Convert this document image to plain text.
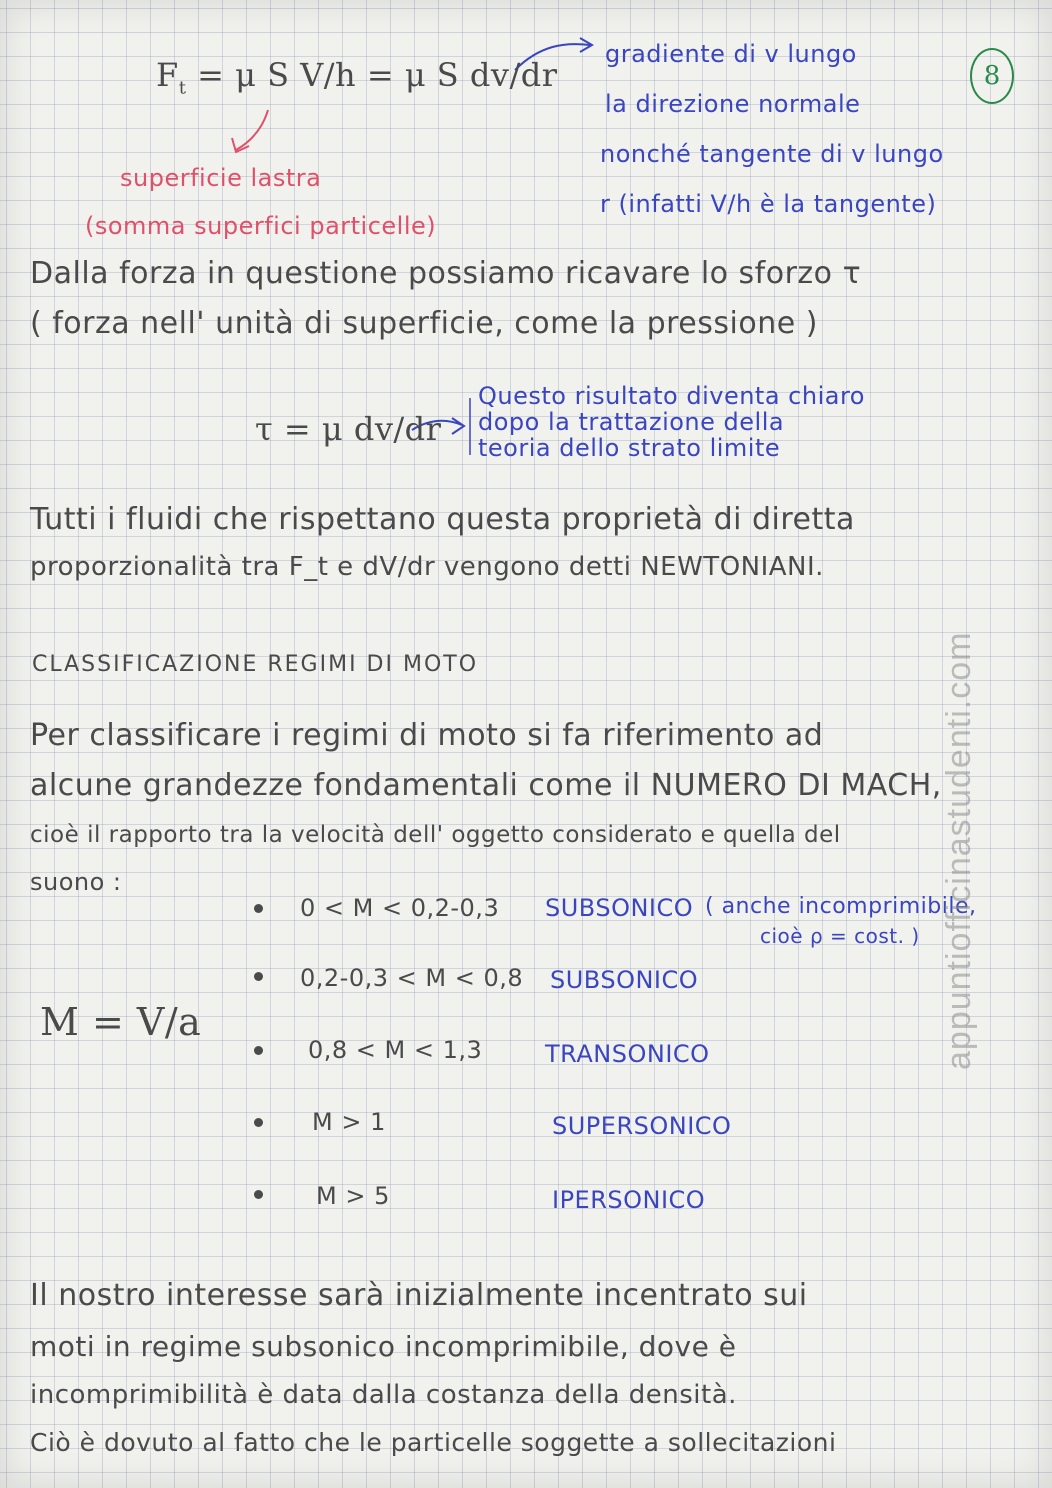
8
$F_t = \mu$ S V/h = μ S dv/dr
gradiente di v lungo
la direzione normale
nonché tangente di v lungo
r (infatti V/h è la tangente)
superficie lastra
(somma superfici particelle)
Dalla forza in questione possiamo ricavare lo sforzo τ
( forza nell' unità di superficie, come la pressione )
τ = μ dv/dr
Questo risultato diventa chiaro
dopo la trattazione della
teoria dello strato limite
Tutti i fluidi che rispettano questa proprietà di diretta
proporzionalità tra F_t e dV/dr vengono detti NEWTONIANI.
CLASSIFICAZIONE REGIMI DI MOTO
Per classificare i regimi di moto si fa riferimento ad
alcune grandezze fondamentali come il NUMERO DI MACH,
cioè il rapporto tra la velocità dell' oggetto considerato e quella del
suono :
M = V/a
0 < M < 0,2-0,3 SUBSONICO ( anche incomprimibile,
cioè ρ = cost. )
0,2-0,3 < M < 0,8 SUBSONICO
0,8 < M < 1,3	TRANSONICO
M > 1	SUPERSONICO
M > 5	IPERSONICO
Il nostro interesse sarà inizialmente incentrato sui
moti in regime subsonico incomprimibile, dove è
incomprimibilità è data dalla costanza della densità.
Ciò è dovuto al fatto che le particelle soggette a sollecitazioni
appuntiofficinastudenti.com
